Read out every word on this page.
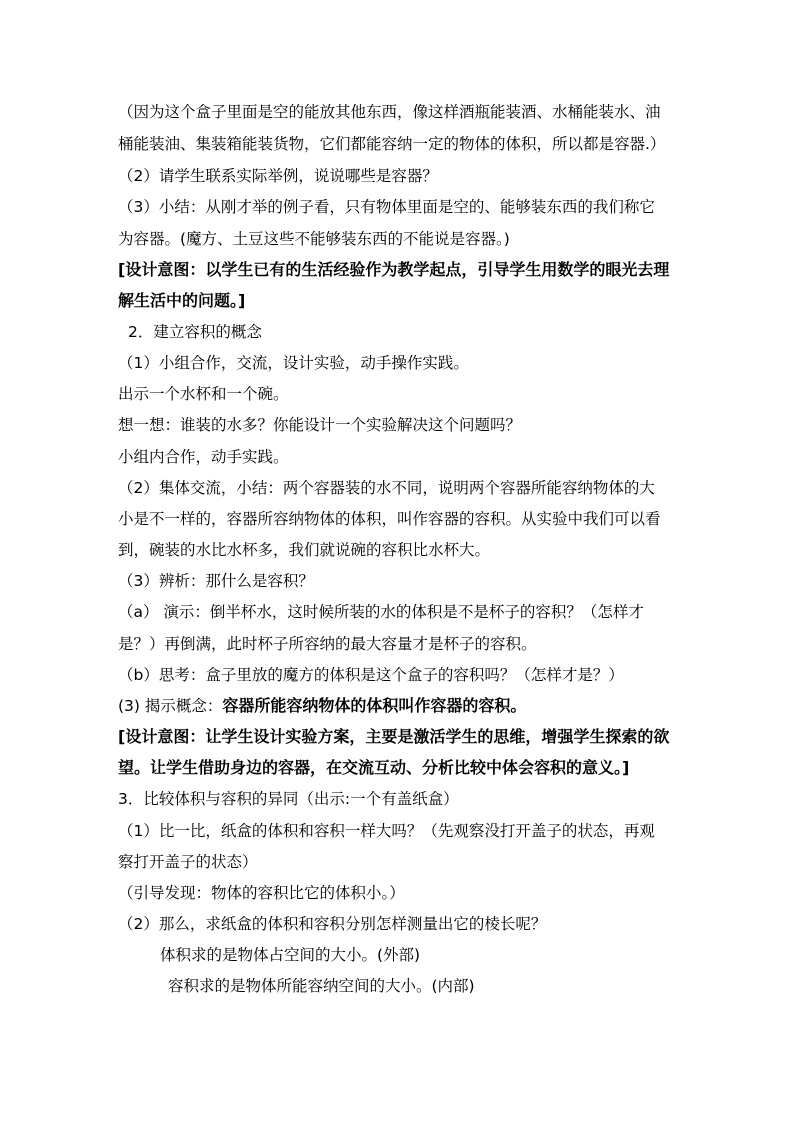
（因为这个盒子里面是空的能放其他东西，像这样酒瓶能装酒、水桶能装水、油
桶能装油、集装箱能装货物，它们都能容纳一定的物体的体积，所以都是容器.）
（2）请学生联系实际举例，说说哪些是容器？
（3）小结：从刚才举的例子看，只有物体里面是空的、能够装东西的我们称它
为容器。(魔方、土豆这些不能够装东西的不能说是容器。)
[设计意图：以学生已有的生活经验作为教学起点，引导学生用数学的眼光去理
解生活中的问题。]
2．建立容积的概念
（1）小组合作，交流，设计实验，动手操作实践。
出示一个水杯和一个碗。
想一想：谁装的水多？你能设计一个实验解决这个问题吗？
小组内合作，动手实践。
（2）集体交流，小结：两个容器装的水不同，说明两个容器所能容纳物体的大
小是不一样的，容器所容纳物体的体积，叫作容器的容积。从实验中我们可以看
到，碗装的水比水杯多，我们就说碗的容积比水杯大。
（3）辨析：那什么是容积？
（a） 演示：倒半杯水，这时候所装的水的体积是不是杯子的容积？（怎样才
是？）再倒满，此时杯子所容纳的最大容量才是杯子的容积。
（b）思考：盒子里放的魔方的体积是这个盒子的容积吗？（怎样才是？）
(3) 揭示概念：容器所能容纳物体的体积叫作容器的容积。
[设计意图：让学生设计实验方案，主要是激活学生的思维，增强学生探索的欲
望。让学生借助身边的容器，在交流互动、分析比较中体会容积的意义。]
3．比较体积与容积的异同（出示:一个有盖纸盒）
（1）比一比，纸盒的体积和容积一样大吗？（先观察没打开盖子的状态，再观
察打开盖子的状态）
（引导发现：物体的容积比它的体积小。）
（2）那么，求纸盒的体积和容积分别怎样测量出它的棱长呢？
体积求的是物体占空间的大小。(外部)
容积求的是物体所能容纳空间的大小。(内部)
